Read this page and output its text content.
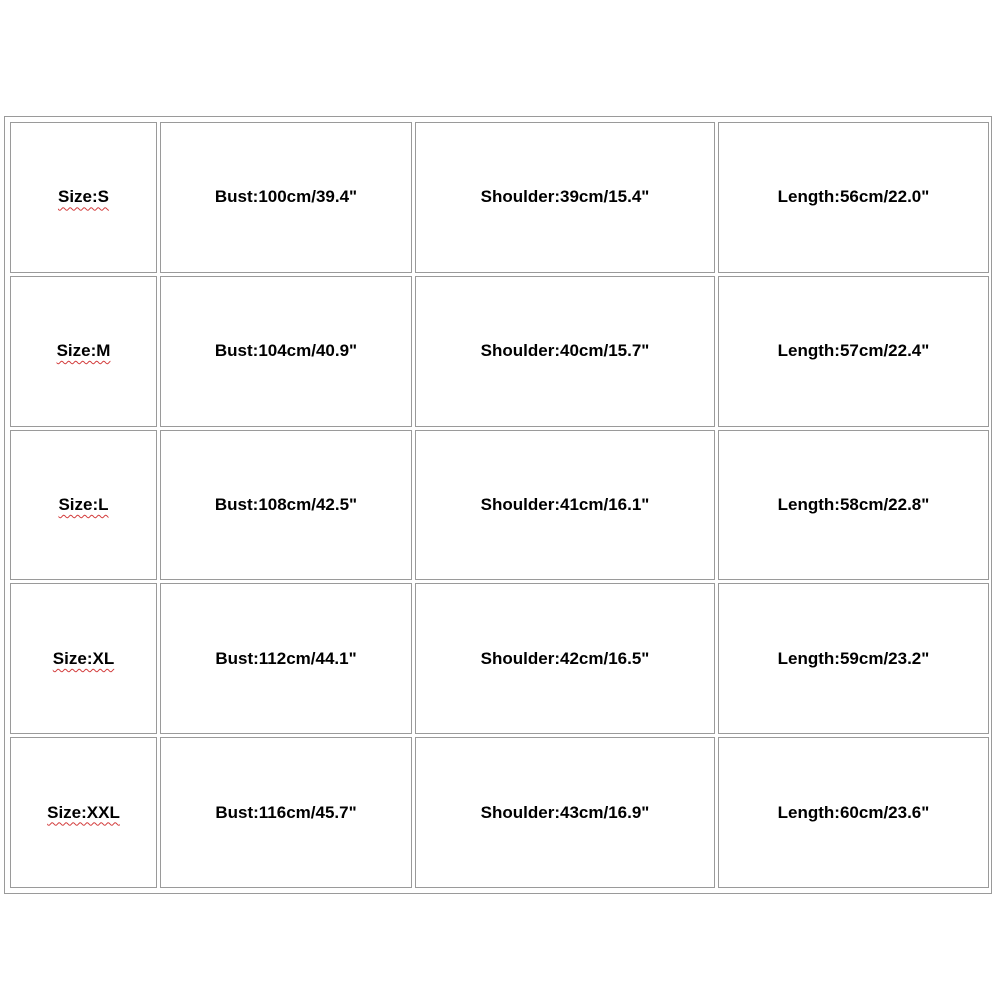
Size:S	Bust:100cm/39.4"	Shoulder:39cm/15.4"	Length:56cm/22.0"
Size:M	Bust:104cm/40.9"	Shoulder:40cm/15.7"	Length:57cm/22.4"
Size:L	Bust:108cm/42.5"	Shoulder:41cm/16.1"	Length:58cm/22.8"
Size:XL	Bust:112cm/44.1"	Shoulder:42cm/16.5"	Length:59cm/23.2"
Size:XXL	Bust:116cm/45.7"	Shoulder:43cm/16.9"	Length:60cm/23.6"
